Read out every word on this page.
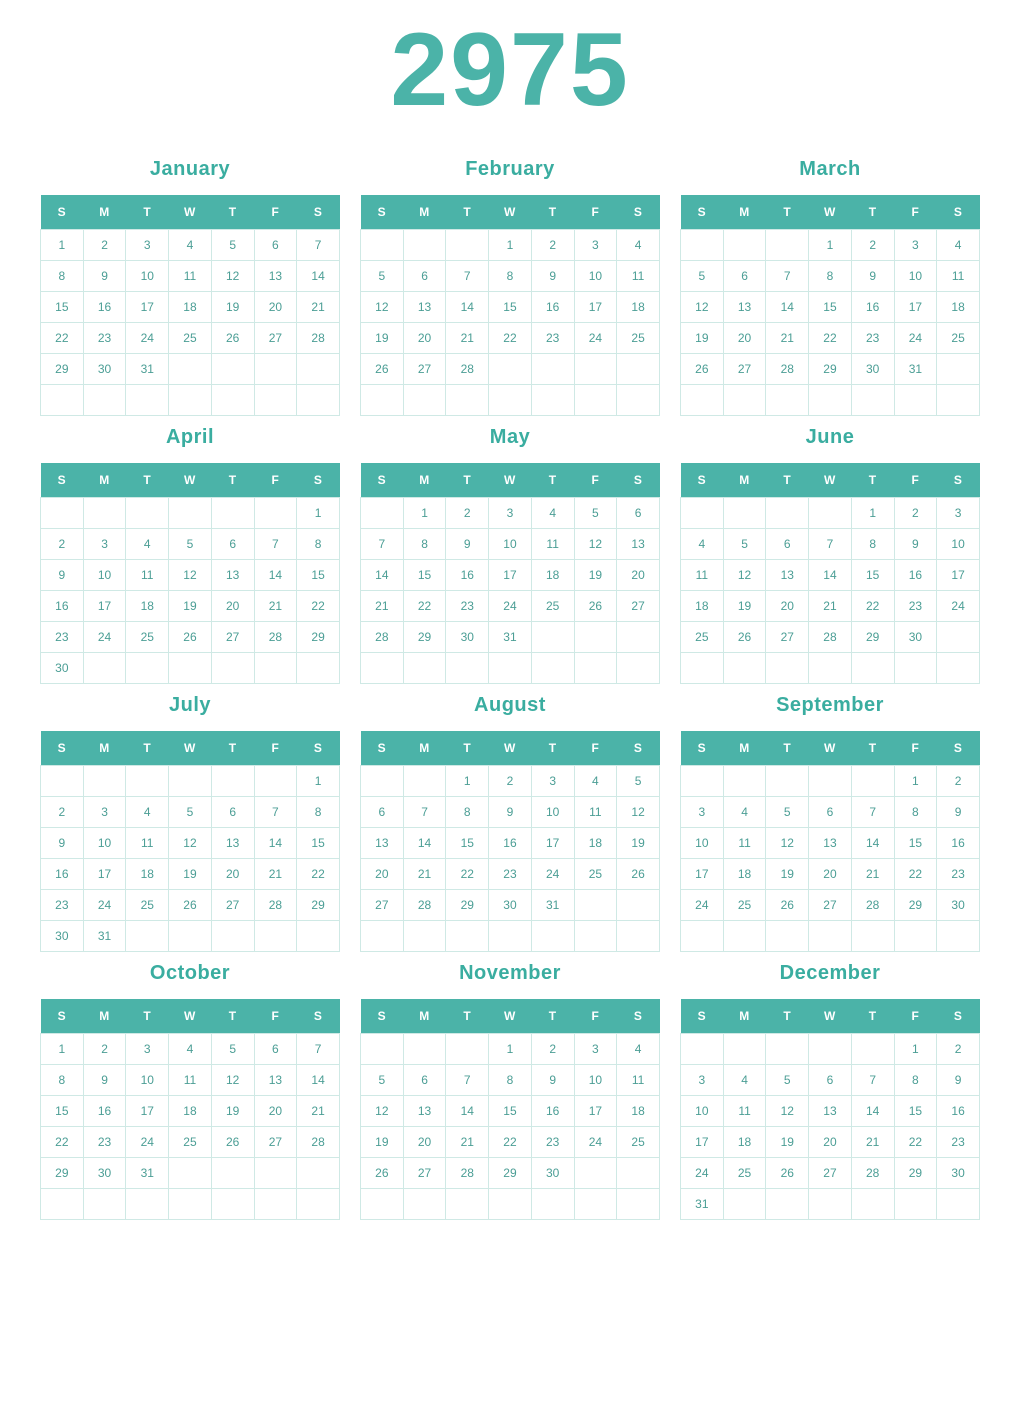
2975
January
S	M	T	W	T	F	S
1	2	3	4	5	6	7
8	9	10	11	12	13	14
15	16	17	18	19	20	21
22	23	24	25	26	27	28
29	30	31				

February
S	M	T	W	T	F	S
			1	2	3	4
5	6	7	8	9	10	11
12	13	14	15	16	17	18
19	20	21	22	23	24	25
26	27	28				

March
S	M	T	W	T	F	S
			1	2	3	4
5	6	7	8	9	10	11
12	13	14	15	16	17	18
19	20	21	22	23	24	25
26	27	28	29	30	31	

April
S	M	T	W	T	F	S
						1
2	3	4	5	6	7	8
9	10	11	12	13	14	15
16	17	18	19	20	21	22
23	24	25	26	27	28	29
30						
May
S	M	T	W	T	F	S
	1	2	3	4	5	6
7	8	9	10	11	12	13
14	15	16	17	18	19	20
21	22	23	24	25	26	27
28	29	30	31			

June
S	M	T	W	T	F	S
				1	2	3
4	5	6	7	8	9	10
11	12	13	14	15	16	17
18	19	20	21	22	23	24
25	26	27	28	29	30	

July
S	M	T	W	T	F	S
						1
2	3	4	5	6	7	8
9	10	11	12	13	14	15
16	17	18	19	20	21	22
23	24	25	26	27	28	29
30	31					
August
S	M	T	W	T	F	S
		1	2	3	4	5
6	7	8	9	10	11	12
13	14	15	16	17	18	19
20	21	22	23	24	25	26
27	28	29	30	31		

September
S	M	T	W	T	F	S
					1	2
3	4	5	6	7	8	9
10	11	12	13	14	15	16
17	18	19	20	21	22	23
24	25	26	27	28	29	30

October
S	M	T	W	T	F	S
1	2	3	4	5	6	7
8	9	10	11	12	13	14
15	16	17	18	19	20	21
22	23	24	25	26	27	28
29	30	31				

November
S	M	T	W	T	F	S
			1	2	3	4
5	6	7	8	9	10	11
12	13	14	15	16	17	18
19	20	21	22	23	24	25
26	27	28	29	30		

December
S	M	T	W	T	F	S
					1	2
3	4	5	6	7	8	9
10	11	12	13	14	15	16
17	18	19	20	21	22	23
24	25	26	27	28	29	30
31						
